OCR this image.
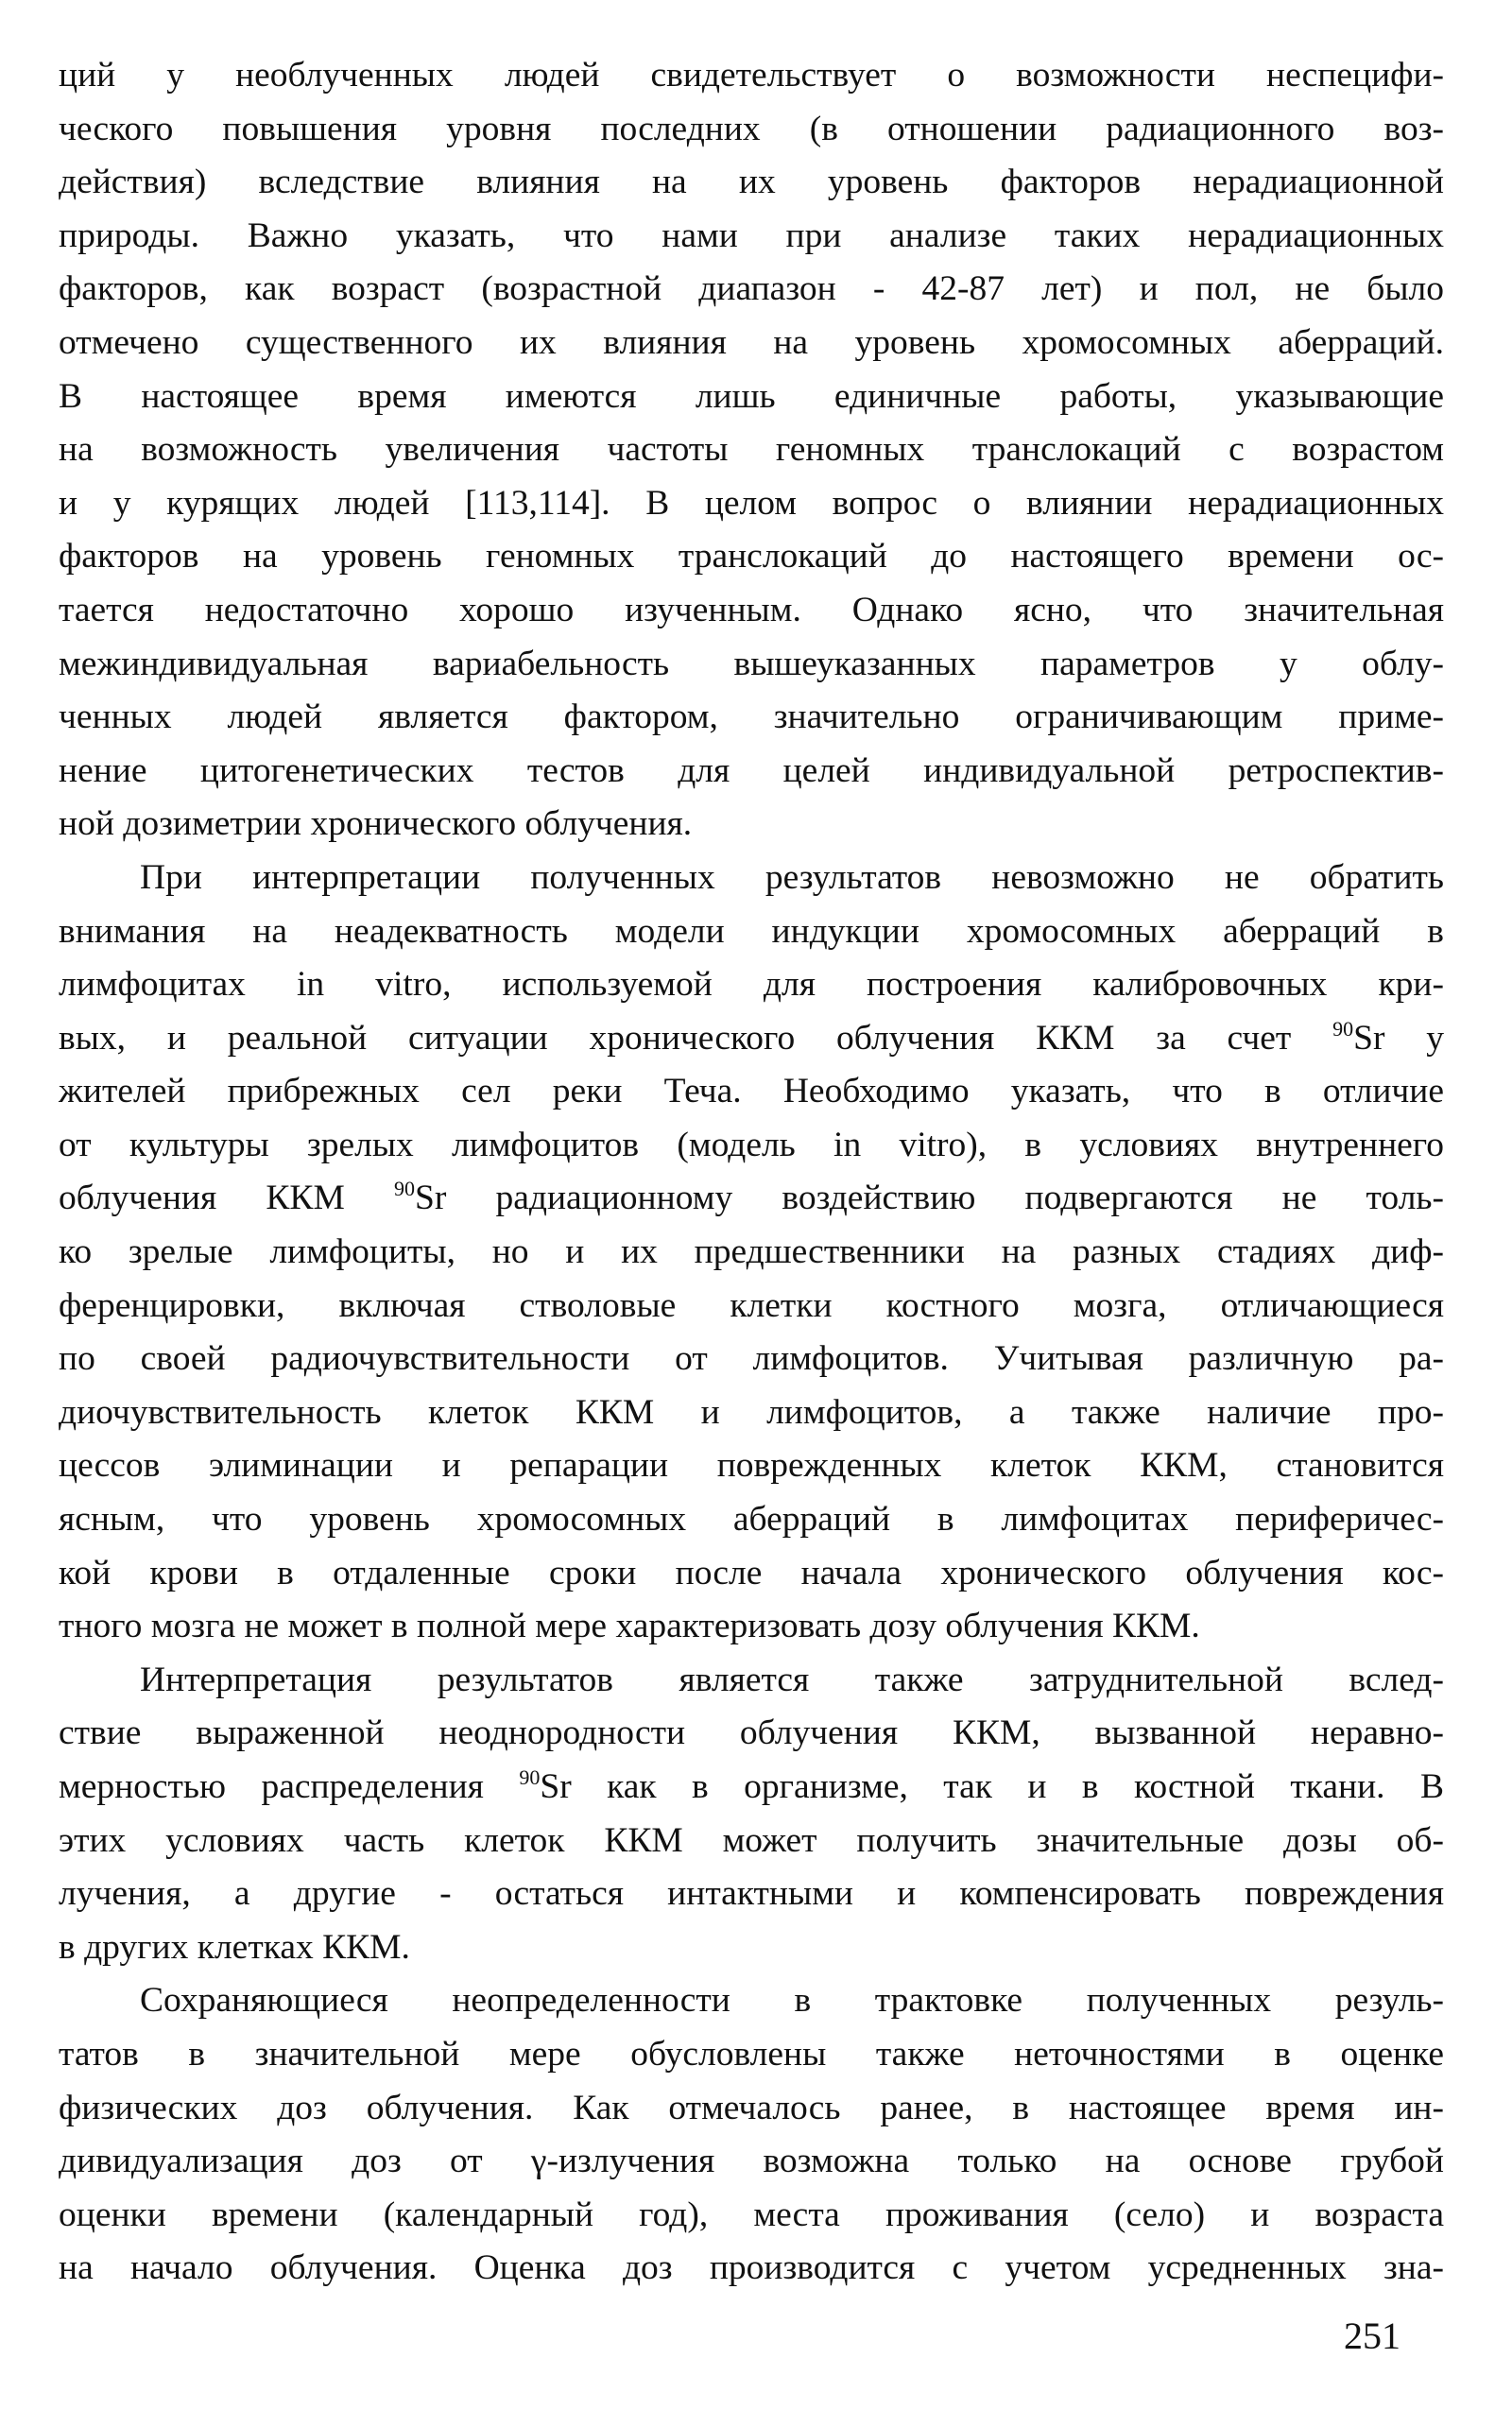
ций у необлученных людей свидетельствует о возможности неспецифи-
ческого повышения уровня последних (в отношении радиационного воз-
действия) вследствие влияния на их уровень факторов нерадиационной
природы. Важно указать, что нами при анализе таких нерадиационных
факторов, как возраст (возрастной диапазон - 42-87 лет) и пол, не было
отмечено существенного их влияния на уровень хромосомных аберраций.
В настоящее время имеются лишь единичные работы, указывающие
на возможность увеличения частоты геномных транслокаций с возрастом
и у курящих людей [113,114]. В целом вопрос о влиянии нерадиационных
факторов на уровень геномных транслокаций до настоящего времени ос-
тается недостаточно хорошо изученным. Однако ясно, что значительная
межиндивидуальная вариабельность вышеуказанных параметров у облу-
ченных людей является фактором, значительно ограничивающим приме-
нение цитогенетических тестов для целей индивидуальной ретроспектив-
ной дозиметрии хронического облучения.
При интерпретации полученных результатов невозможно не обратить
внимания на неадекватность модели индукции хромосомных аберраций в
лимфоцитах in vitro, используемой для построения калибровочных кри-
вых, и реальной ситуации хронического облучения ККМ за счет $^{90}$Sr у
жителей прибрежных сел реки Теча. Необходимо указать, что в отличие
от культуры зрелых лимфоцитов (модель in vitro), в условиях внутреннего
облучения ККМ $^{90}$Sr радиационному воздействию подвергаются не толь-
ко зрелые лимфоциты, но и их предшественники на разных стадиях диф-
ференцировки, включая стволовые клетки костного мозга, отличающиеся
по своей радиочувствительности от лимфоцитов. Учитывая различную ра-
диочувствительность клеток ККМ и лимфоцитов, а также наличие про-
цессов элиминации и репарации поврежденных клеток ККМ, становится
ясным, что уровень хромосомных аберраций в лимфоцитах периферичес-
кой крови в отдаленные сроки после начала хронического облучения кос-
тного мозга не может в полной мере характеризовать дозу облучения ККМ.
Интерпретация результатов является также затруднительной вслед-
ствие выраженной неоднородности облучения ККМ, вызванной неравно-
мерностью распределения $^{90}$Sr как в организме, так и в костной ткани. В
этих условиях часть клеток ККМ может получить значительные дозы об-
лучения, а другие - остаться интактными и компенсировать повреждения
в других клетках ККМ.
Сохраняющиеся неопределенности в трактовке полученных резуль-
татов в значительной мере обусловлены также неточностями в оценке
физических доз облучения. Как отмечалось ранее, в настоящее время ин-
дивидуализация доз от γ-излучения возможна только на основе грубой
оценки времени (календарный год), места проживания (село) и возраста
на начало облучения. Оценка доз производится с учетом усредненных зна-
251
